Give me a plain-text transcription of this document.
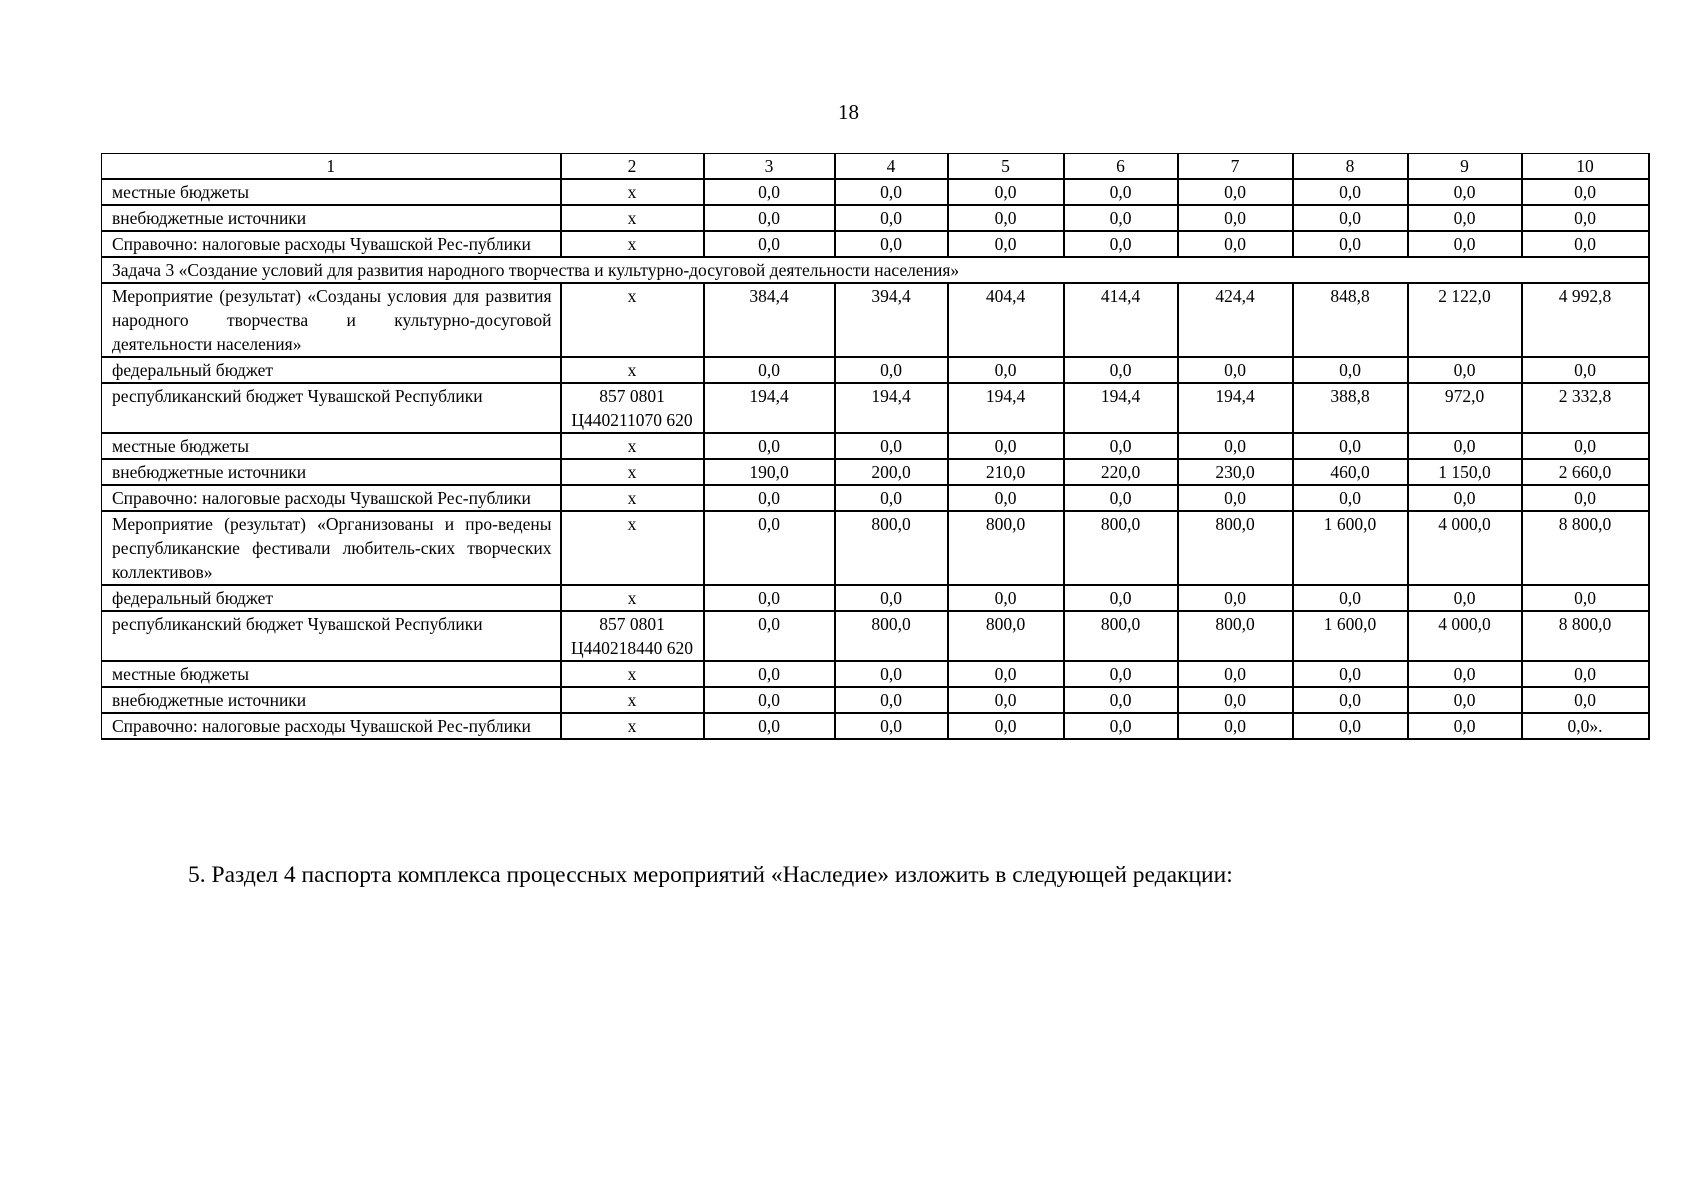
18
1	2	3	4	5	6	7	8	9	10
местные бюджеты	х	0,0	0,0	0,0	0,0	0,0	0,0	0,0	0,0
внебюджетные источники	х	0,0	0,0	0,0	0,0	0,0	0,0	0,0	0,0
Справочно: налоговые расходы Чувашской Рес-публики	х	0,0	0,0	0,0	0,0	0,0	0,0	0,0	0,0
Задача 3 «Создание условий для развития народного творчества и культурно-досуговой деятельности населения»									
Мероприятие (результат) «Созданы условия для развития народного творчества и культурно-досуговой деятельности населения»	х	384,4	394,4	404,4	414,4	424,4	848,8	2 122,0	4 992,8
федеральный бюджет	х	0,0	0,0	0,0	0,0	0,0	0,0	0,0	0,0
республиканский бюджет Чувашской Республики	857 0801 Ц440211070 620	194,4	194,4	194,4	194,4	194,4	388,8	972,0	2 332,8
местные бюджеты	х	0,0	0,0	0,0	0,0	0,0	0,0	0,0	0,0
внебюджетные источники	х	190,0	200,0	210,0	220,0	230,0	460,0	1 150,0	2 660,0
Справочно: налоговые расходы Чувашской Рес-публики	х	0,0	0,0	0,0	0,0	0,0	0,0	0,0	0,0
Мероприятие (результат) «Организованы и про-ведены республиканские фестивали любитель-ских творческих коллективов»	х	0,0	800,0	800,0	800,0	800,0	1 600,0	4 000,0	8 800,0
федеральный бюджет	х	0,0	0,0	0,0	0,0	0,0	0,0	0,0	0,0
республиканский бюджет Чувашской Республики	857 0801 Ц440218440 620	0,0	800,0	800,0	800,0	800,0	1 600,0	4 000,0	8 800,0
местные бюджеты	х	0,0	0,0	0,0	0,0	0,0	0,0	0,0	0,0
внебюджетные источники	х	0,0	0,0	0,0	0,0	0,0	0,0	0,0	0,0
Справочно: налоговые расходы Чувашской Рес-публики	х	0,0	0,0	0,0	0,0	0,0	0,0	0,0	0,0».
5. Раздел 4 паспорта комплекса процессных мероприятий «Наследие» изложить в следующей редакции:
